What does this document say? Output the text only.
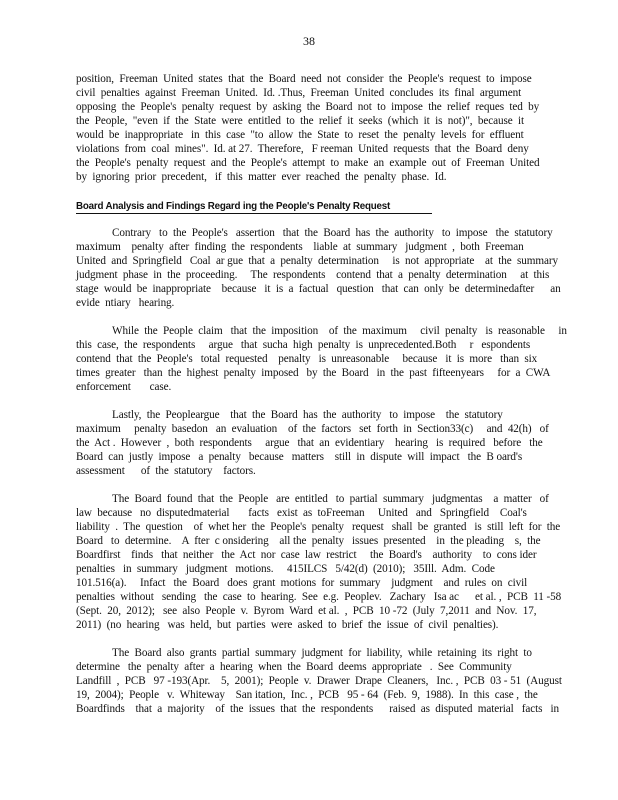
38
Board Analysis and Findings Regard ing the People's Penalty Request
position,  Freeman  United  states  that  the  Board  need  not  consider  the  People's  request  to  impose
civil  penalties  against  Freeman  United.  Id. .Thus,  Freeman  United  concludes  its  final  argument
opposing  the  People's  penalty  request  by  asking  the  Board  not  to  impose  the  relief  reques  ted  by
the  People,  "even  if  the  State  were  entitled  to  the  relief  it  seeks  (which  it  is  not)",  because  it
would  be  inappropriate   in  this  case  "to  allow  the  State  to  reset  the  penalty  levels  for  effluent
violations  from  coal  mines".  Id. at 27.  Therefore,   F reeman  United  requests  that  the  Board  deny
the  People's  penalty  request  and  the  People's  attempt  to  make  an  example  out  of  Freeman  United
by  ignoring  prior  precedent,   if  this  matter  ever  reached  the  penalty  phase.  Id.
Contrary   to  the  People's   assertion   that  the  Board  has  the  authority   to  impose   the  statutory
maximum    penalty  after  finding  the  respondents    liable  at  summary   judgment  ,  both  Freeman
United  and  Springfield   Coal  ar gue  that  a  penalty  determination     is  not  appropriate    at  the  summary
judgment  phase  in  the  proceeding.     The  respondents    contend  that  a  penalty  determination     at  this
stage  would  be  inappropriate    because   it  is  a  factual   question   that  can  only  be  determinedafter      an
evide  ntiary   hearing.
While  the  People  claim   that  the  imposition    of  the  maximum     civil  penalty   is  reasonable     in
this  case,  the  respondents     argue   that  sucha  high  penalty  is  unprecedented.Both     r   espondents
contend  that  the  People's   total  requested    penalty   is  unreasonable     because   it  is  more   than  six
times  greater   than  the  highest  penalty  imposed   by  the  Board   in  the  past  fifteenyears     for  a  CWA
enforcement       case.
Lastly,  the  Peopleargue    that  the  Board  has  the  authority   to  impose    the  statutory
maximum     penalty  basedon   an  evaluation    of  the  factors   set  forth  in  Section33(c)     and  42(h)   of
the  Act .  However  ,  both  respondents     argue   that  an  evidentiary    hearing   is  required   before   the
Board  can  justly  impose   a  penalty   because   matters    still  in  dispute  will  impact   the  B oard's
assessment      of  the  statutory    factors.
The  Board  found  that  the  People   are  entitled   to  partial  summary   judgmentas    a  matter   of
law  because   no  disputedmaterial       facts   exist  as  toFreeman     United   and   Springfield    Coal's
liability  .  The  question    of  whet her  the  People's  penalty   request   shall  be  granted   is  still  left  for  the
Board   to  determine.    A  fter  c onsidering    all the  penalty   issues  presented    in  the pleading    s,  the
Boardfirst    finds   that  neither   the  Act  nor  case  law  restrict     the  Board's    authority    to  cons ider
penalties   in  summary   judgment   motions.     415ILCS   5/42(d)  (2010);   35Ill.  Adm.  Code
101.516(a).     Infact   the  Board   does  grant  motions  for  summary    judgment    and  rules  on  civil
penalties  without   sending   the  case  to  hearing.  See  e.g.  Peoplev.   Zachary   Isa ac      et al. ,  PCB  11 -58
(Sept.  20,  2012);   see  also  People  v.  Byrom  Ward  et al.  ,  PCB  10 -72  (July  7,2011  and  Nov.  17,
2011)  (no  hearing   was  held,  but  parties  were  asked  to  brief  the  issue  of  civil  penalties).
The  Board  also  grants  partial  summary  judgment  for  liability,  while  retaining  its  right  to
determine   the  penalty  after  a  hearing  when  the  Board  deems  appropriate   .  See  Community
Landfill  ,  PCB   97 -193(Apr.    5,  2001);  People  v.  Drawer  Drape  Cleaners,   Inc. ,  PCB  03 - 51  (August
19,  2004);  People   v.  Whiteway    San itation,  Inc. ,  PCB   95 - 64  (Feb.  9,  1988).  In  this  case ,  the
Boardfinds    that  a  majority    of  the  issues  that  the  respondents      raised  as  disputed  material   facts   in
